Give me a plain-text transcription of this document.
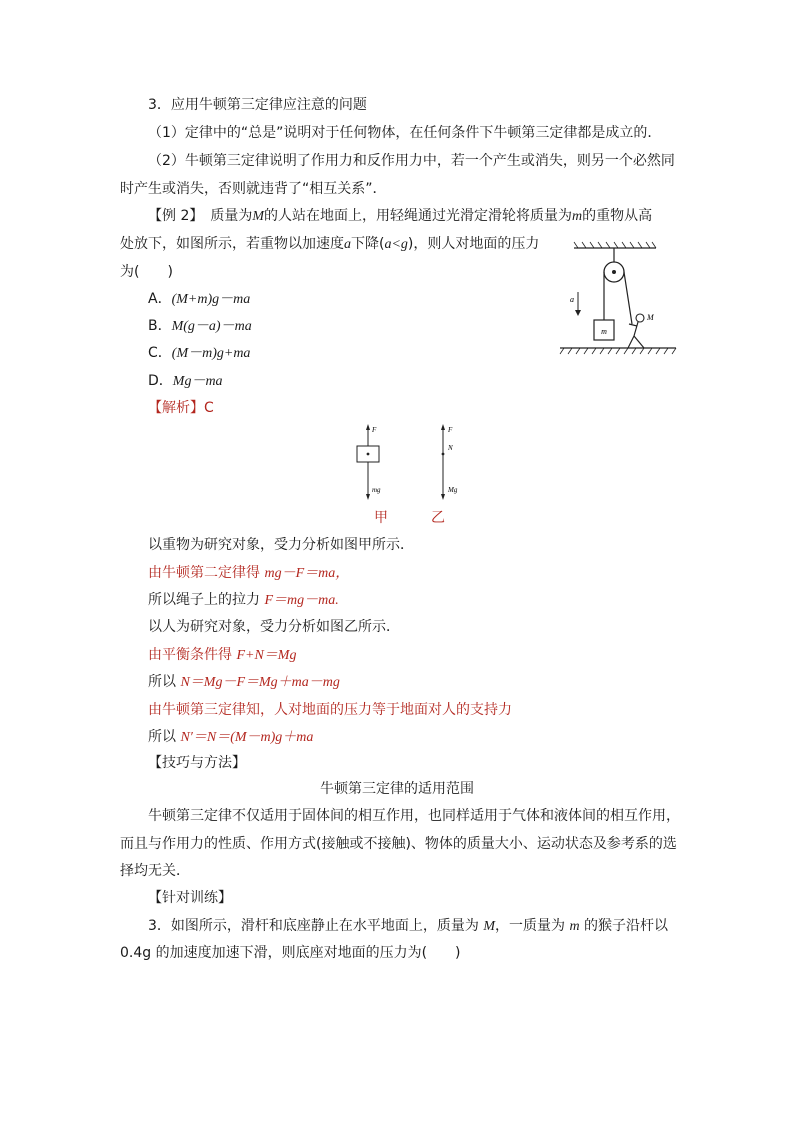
3．应用牛顿第三定律应注意的问题
（1）定律中的“总是”说明对于任何物体，在任何条件下牛顿第三定律都是成立的．
（2）牛顿第三定律说明了作用力和反作用力中，若一个产生或消失，则另一个必然同
时产生或消失，否则就违背了“相互关系”．
【例 2】　质量为M的人站在地面上，用轻绳通过光滑定滑轮将质量为m的重物从高
处放下，如图所示，若重物以加速度a下降(a<g)，则人对地面的压力
为(　　)
A．(M+m)g－ma
B．M(g－a)－ma
C．(M－m)g+ma
D．Mg－ma
m
a
M
【解析】C
F
mg
F
N
Mg
甲	乙
以重物为研究对象，受力分析如图甲所示．
由牛顿第二定律得 mg－F＝ma，
所以绳子上的拉力 F＝mg－ma.
以人为研究对象，受力分析如图乙所示．
由平衡条件得 F+N＝Mg
所以 N＝Mg－F＝Mg＋ma－mg
由牛顿第三定律知，人对地面的压力等于地面对人的支持力
所以 N′＝N＝(M－m)g＋ma
【技巧与方法】
牛顿第三定律的适用范围
牛顿第三定律不仅适用于固体间的相互作用，也同样适用于气体和液体间的相互作用，
而且与作用力的性质、作用方式(接触或不接触)、物体的质量大小、运动状态及参考系的选
择均无关．
【针对训练】
3．如图所示，滑杆和底座静止在水平地面上，质量为 M，一质量为 m 的猴子沿杆以
0.4g 的加速度加速下滑，则底座对地面的压力为(　　)
